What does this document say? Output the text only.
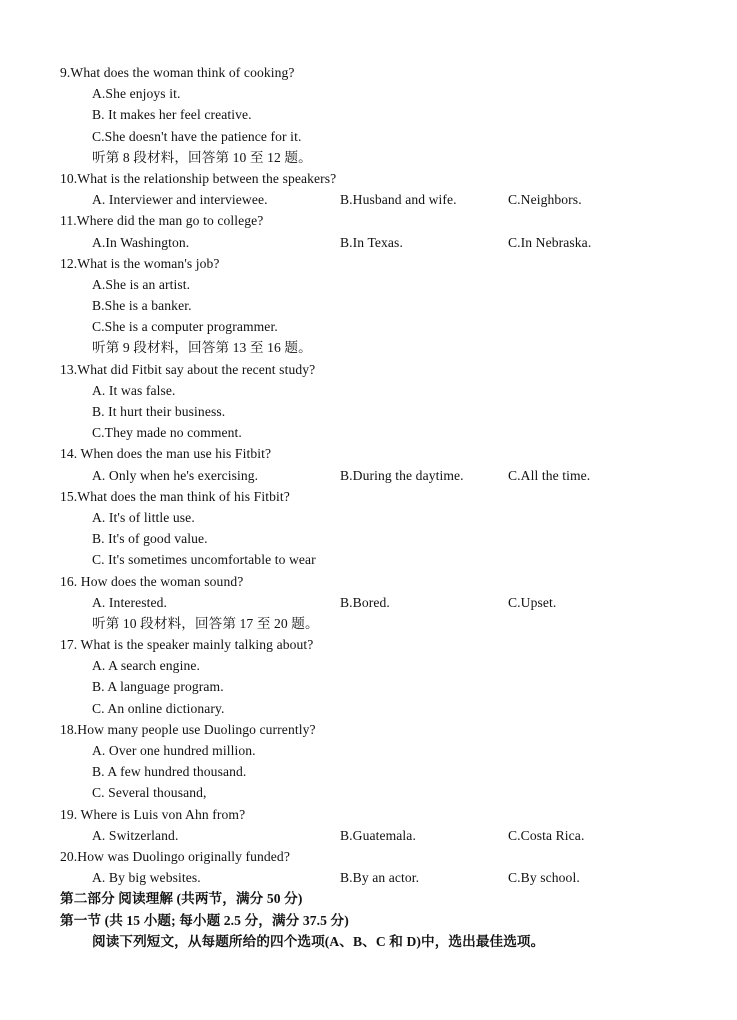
9.What does the woman think of cooking?
A.She enjoys it.
B. It makes her feel creative.
C.She doesn't have the patience for it.
听第 8 段材料，回答第 10 至 12 题。
10.What is the relationship between the speakers?
A. Interviewer and interviewee.	B.Husband and wife.	C.Neighbors.
11.Where did the man go to college?
A.In Washington.	B.In Texas.	C.In Nebraska.
12.What is the woman's job?
A.She is an artist.
B.She is a banker.
C.She is a computer programmer.
听第 9 段材料，回答第 13 至 16 题。
13.What did Fitbit say about the recent study?
A. It was false.
B. It hurt their business.
C.They made no comment.
14. When does the man use his Fitbit?
A. Only when he's exercising.	B.During the daytime.	C.All the time.
15.What does the man think of his Fitbit?
A. It's of little use.
B. It's of good value.
C. It's sometimes uncomfortable to wear
16. How does the woman sound?
A. Interested.	B.Bored.	C.Upset.
听第 10 段材料，回答第 17 至 20 题。
17. What is the speaker mainly talking about?
A. A search engine.
B. A language program.
C. An online dictionary.
18.How many people use Duolingo currently?
A. Over one hundred million.
B. A few hundred thousand.
C. Several thousand,
19. Where is Luis von Ahn from?
A. Switzerland.	B.Guatemala.	C.Costa Rica.
20.How was Duolingo originally funded?
A. By big websites.	B.By an actor.	C.By school.
第二部分 阅读理解 (共两节，满分 50 分)
第一节 (共 15 小题; 每小题 2.5 分，满分 37.5 分)
阅读下列短文，从每题所给的四个选项(A、B、C 和 D)中，选出最佳选项。
